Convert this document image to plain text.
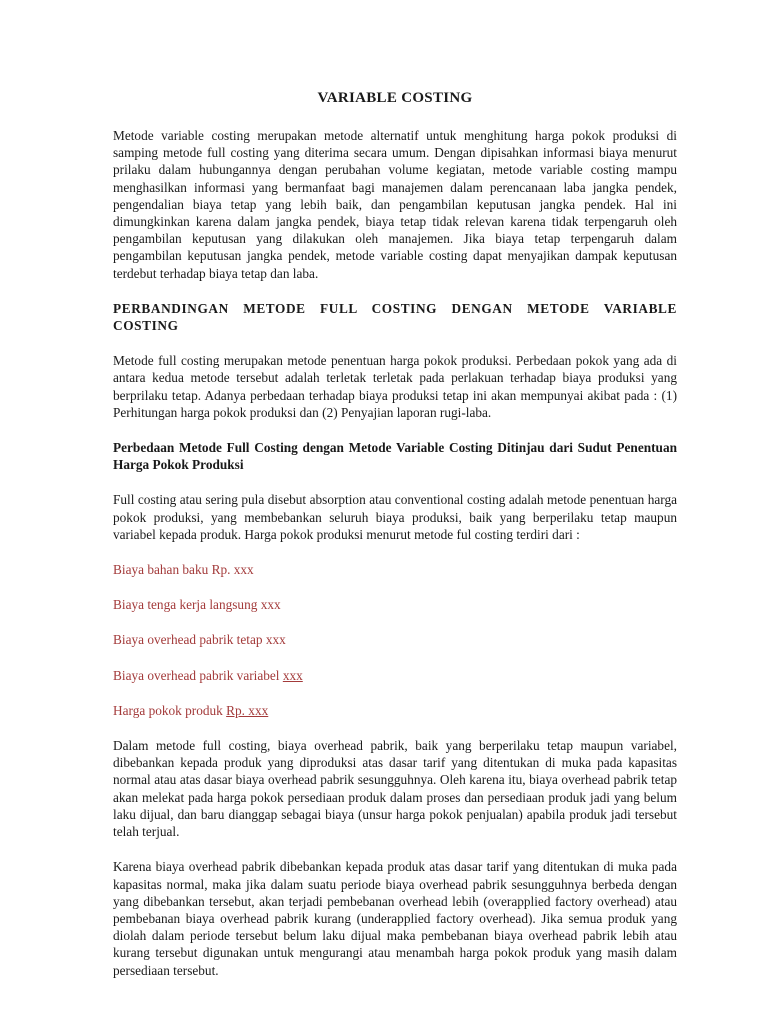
VARIABLE COSTING

Metode variable costing merupakan metode alternatif untuk menghitung harga pokok produksi di samping metode full costing yang diterima secara umum. Dengan dipisahkan informasi biaya menurut prilaku dalam hubungannya dengan perubahan volume kegiatan, metode variable costing mampu menghasilkan informasi yang bermanfaat bagi manajemen dalam perencanaan laba jangka pendek, pengendalian biaya tetap yang lebih baik, dan pengambilan keputusan jangka pendek. Hal ini dimungkinkan karena dalam jangka pendek, biaya tetap tidak relevan karena tidak terpengaruh oleh pengambilan keputusan yang dilakukan oleh manajemen. Jika biaya tetap terpengaruh dalam pengambilan keputusan jangka pendek, metode variable costing dapat menyajikan dampak keputusan terdebut terhadap biaya tetap dan laba.

PERBANDINGAN METODE FULL COSTING DENGAN METODE VARIABLE COSTING

Metode full costing merupakan metode penentuan harga pokok produksi. Perbedaan pokok yang ada di antara kedua metode tersebut adalah terletak terletak pada perlakuan terhadap biaya produksi yang berprilaku tetap. Adanya perbedaan terhadap biaya produksi tetap ini akan mempunyai akibat pada : (1) Perhitungan harga pokok produksi dan (2) Penyajian laporan rugi-laba.

Perbedaan Metode Full Costing dengan Metode Variable Costing Ditinjau dari Sudut Penentuan Harga Pokok Produksi

Full costing atau sering pula disebut absorption atau conventional costing adalah metode penentuan harga pokok produksi, yang membebankan seluruh biaya produksi, baik yang berperilaku tetap maupun variabel kepada produk. Harga pokok produksi menurut metode ful costing terdiri dari :

Biaya bahan baku Rp. xxx
Biaya tenga kerja langsung xxx
Biaya overhead pabrik tetap xxx
Biaya overhead pabrik variabel xxx
Harga pokok produk Rp. xxx

Dalam metode full costing, biaya overhead pabrik, baik yang berperilaku tetap maupun variabel, dibebankan kepada produk yang diproduksi atas dasar tarif yang ditentukan di muka pada kapasitas normal atau atas dasar biaya overhead pabrik sesungguhnya. Oleh karena itu, biaya overhead pabrik tetap akan melekat pada harga pokok persediaan produk dalam proses dan persediaan produk jadi yang belum laku dijual, dan baru dianggap sebagai biaya (unsur harga pokok penjualan) apabila produk jadi tersebut telah terjual.

Karena biaya overhead pabrik dibebankan kepada produk atas dasar tarif yang ditentukan di muka pada kapasitas normal, maka jika dalam suatu periode biaya overhead pabrik sesungguhnya berbeda dengan yang dibebankan tersebut, akan terjadi pembebanan overhead lebih (overapplied factory overhead) atau pembebanan biaya overhead pabrik kurang (underapplied factory overhead). Jika semua produk yang diolah dalam periode tersebut belum laku dijual maka pembebanan biaya overhead pabrik lebih atau kurang tersebut digunakan untuk mengurangi atau menambah harga pokok produk yang masih dalam persediaan tersebut.
